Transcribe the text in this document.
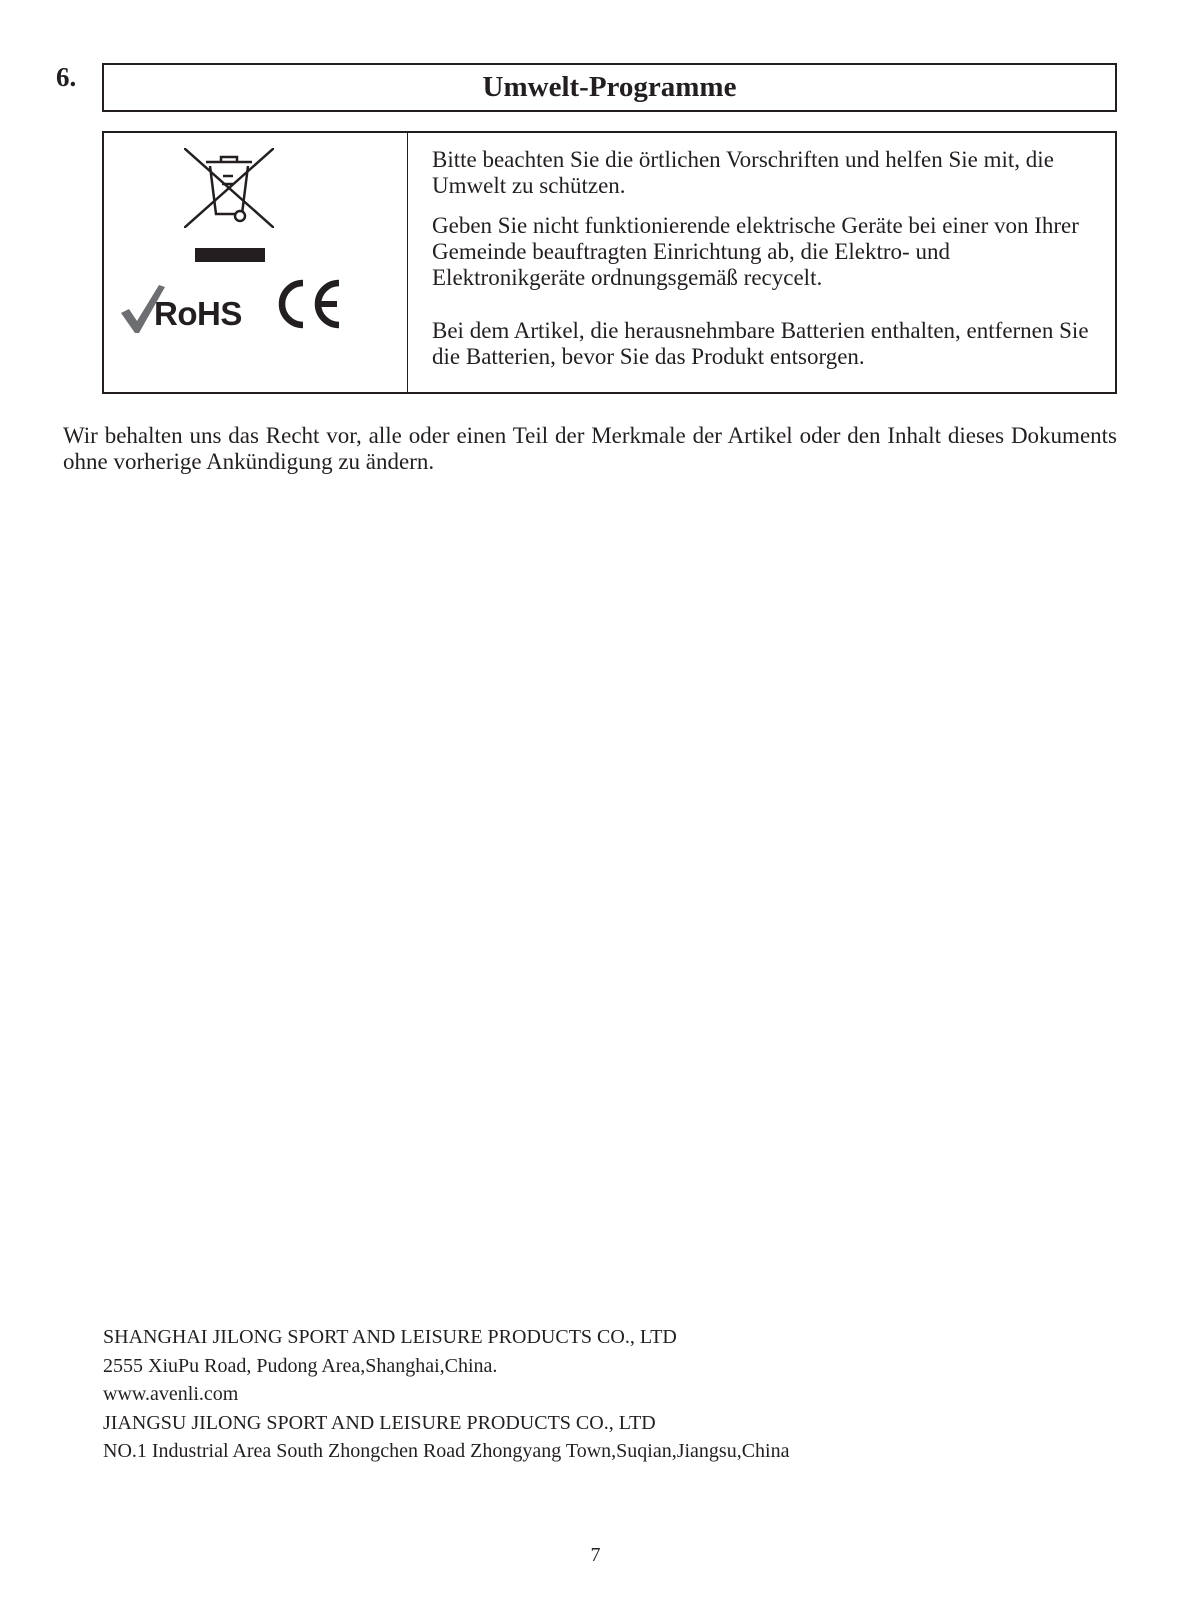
6.	Umwelt-Programme
RoHS

Bitte beachten Sie die örtlichen Vorschriften und helfen Sie mit, die Umwelt zu schützen.

Geben Sie nicht funktionierende elektrische Geräte bei einer von Ihrer Gemeinde beauftragten Einrichtung ab, die Elektro- und Elektronikgeräte ordnungsgemäß recycelt.

Bei dem Artikel, die herausnehmbare Batterien enthalten, entfernen Sie die Batterien, bevor Sie das Produkt entsorgen.

Wir behalten uns das Recht vor, alle oder einen Teil der Merkmale der Artikel oder den Inhalt dieses Dokuments ohne vorherige Ankündigung zu ändern.
SHANGHAI JILONG SPORT AND LEISURE PRODUCTS CO., LTD
2555 XiuPu Road, Pudong Area,Shanghai,China.
www.avenli.com
JIANGSU JILONG SPORT AND LEISURE PRODUCTS CO., LTD
NO.1 Industrial Area South Zhongchen Road Zhongyang Town,Suqian,Jiangsu,China
7
